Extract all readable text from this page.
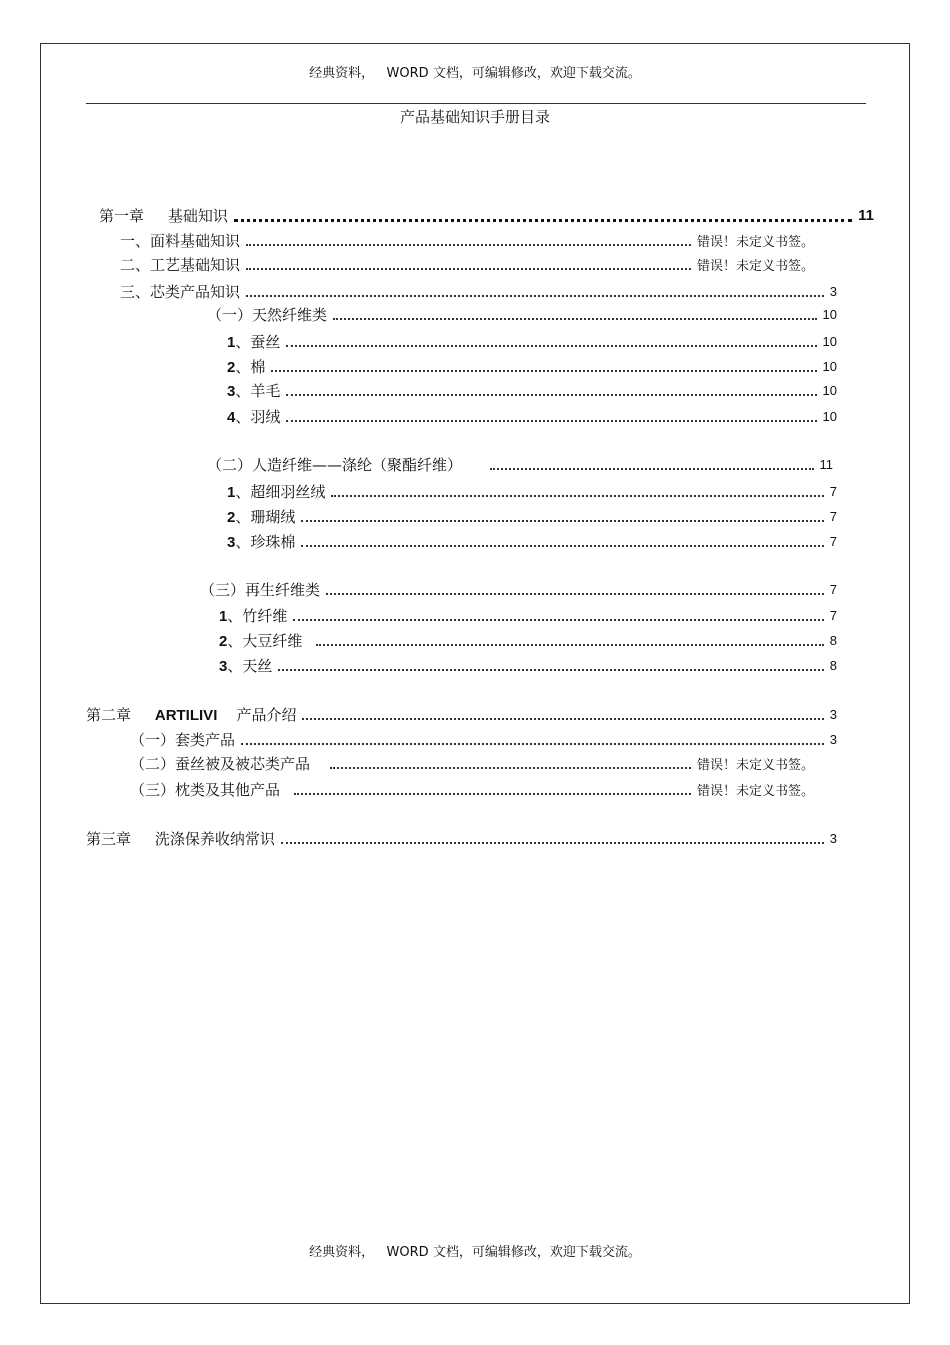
经典资料，   WORD 文档，可编辑修改，欢迎下载交流。
产品基础知识手册目录
第一章 基础知识	11
一、面料基础知识	错误！未定义书签。
二、工艺基础知识	错误！未定义书签。
三、芯类产品知识	3
（一）天然纤维类	10
1、蚕丝	10
2、棉	10
3、羊毛	10
4、羽绒	10
（二）人造纤维——涤纶（聚酯纤维）	11
1、超细羽丝绒	7
2、珊瑚绒	7
3、珍珠棉	7
（三）再生纤维类	7
1、竹纤维	7
2、大豆纤维	8
3、天丝	8
第二章 ARTILIVI 产品介绍	3
（一）套类产品	3
（二）蚕丝被及被芯类产品	错误！未定义书签。
（三）枕类及其他产品	错误！未定义书签。
第三章 洗涤保养收纳常识	3
经典资料，   WORD 文档，可编辑修改，欢迎下载交流。
